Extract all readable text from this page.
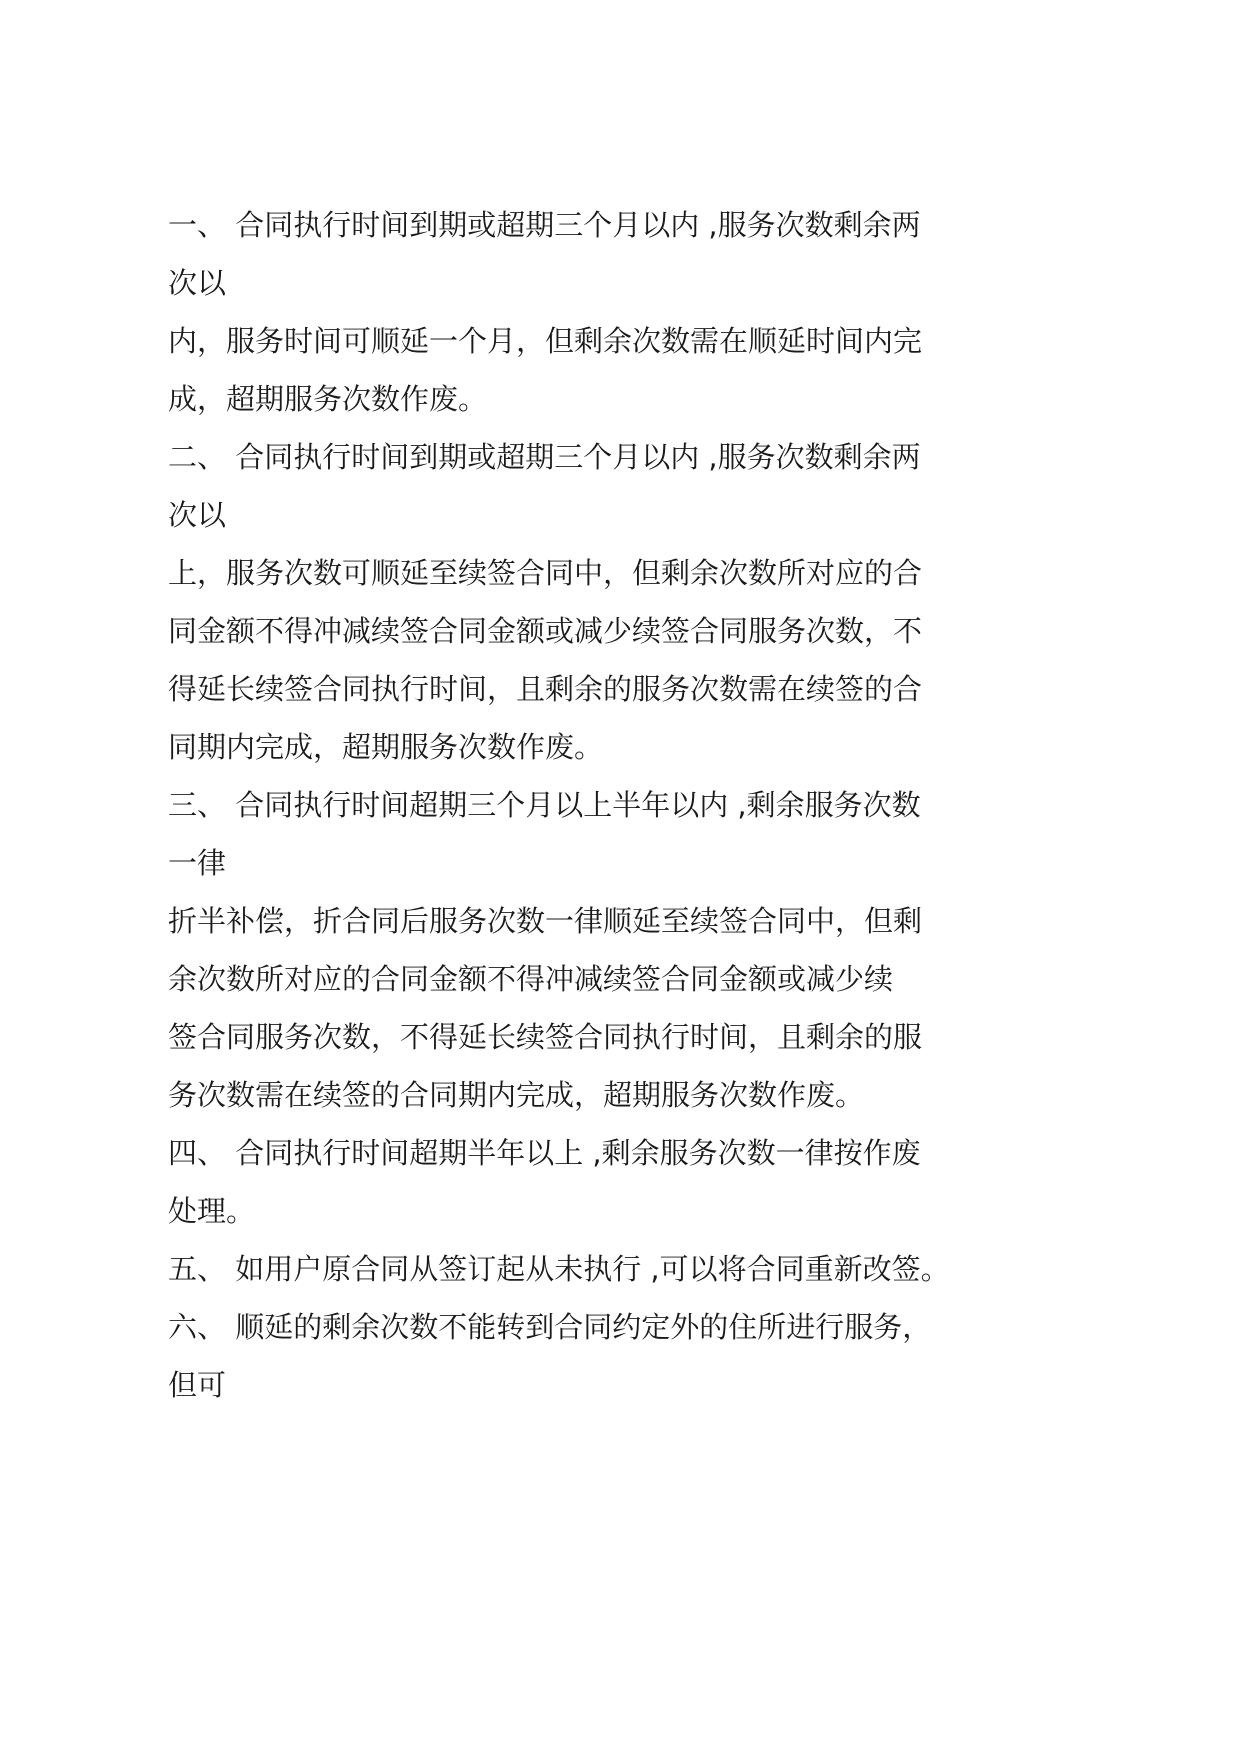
一、 合同执行时间到期或超期三个月以内 ,服务次数剩余两
次以
内，服务时间可顺延一个月，但剩余次数需在顺延时间内完
成，超期服务次数作废。
二、 合同执行时间到期或超期三个月以内 ,服务次数剩余两
次以
上，服务次数可顺延至续签合同中，但剩余次数所对应的合
同金额不得冲减续签合同金额或减少续签合同服务次数，不
得延长续签合同执行时间，且剩余的服务次数需在续签的合
同期内完成，超期服务次数作废。
三、 合同执行时间超期三个月以上半年以内 ,剩余服务次数
一律
折半补偿，折合同后服务次数一律顺延至续签合同中，但剩
余次数所对应的合同金额不得冲减续签合同金额或减少续
签合同服务次数，不得延长续签合同执行时间，且剩余的服
务次数需在续签的合同期内完成，超期服务次数作废。
四、 合同执行时间超期半年以上 ,剩余服务次数一律按作废
处理。
五、 如用户原合同从签订起从未执行 ,可以将合同重新改签。
六、 顺延的剩余次数不能转到合同约定外的住所进行服务，
但可
